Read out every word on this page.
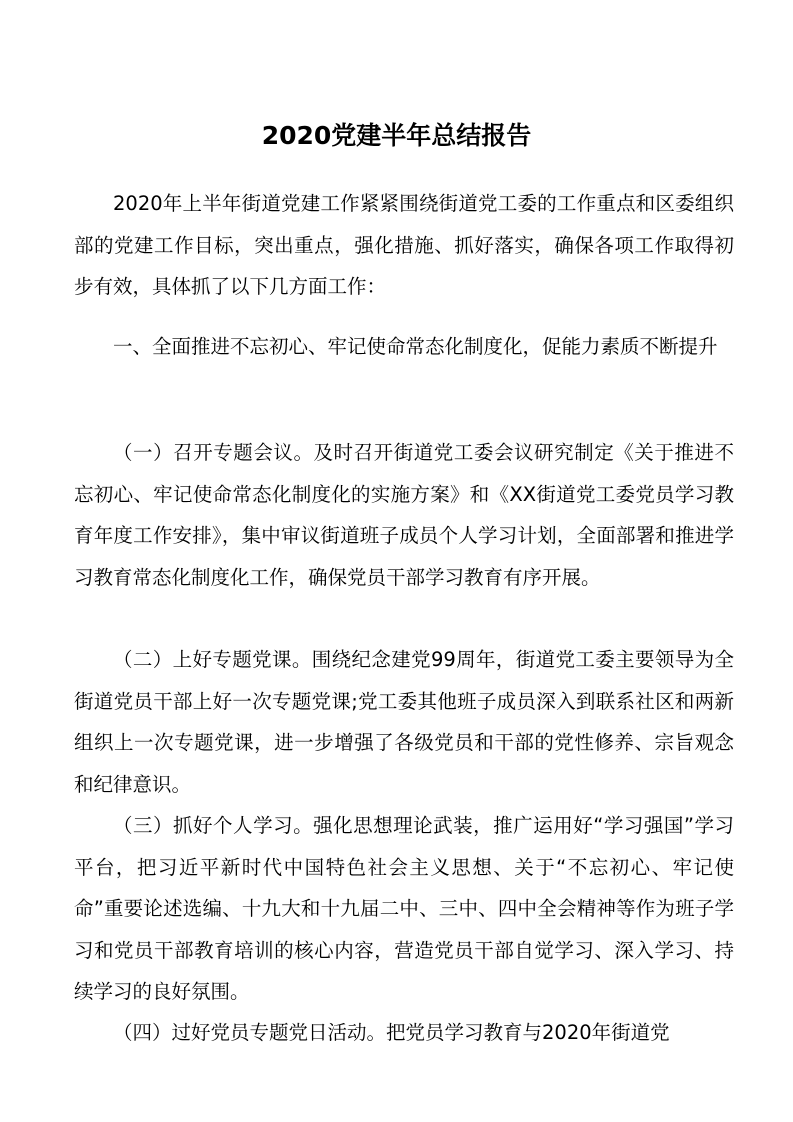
2020党建半年总结报告

2020年上半年街道党建工作紧紧围绕街道党工委的工作重点和区委组织部的党建工作目标，突出重点，强化措施、抓好落实，确保各项工作取得初步有效，具体抓了以下几方面工作：

一、全面推进不忘初心、牢记使命常态化制度化，促能力素质不断提升

（一）召开专题会议。及时召开街道党工委会议研究制定《关于推进不忘初心、牢记使命常态化制度化的实施方案》和《XX街道党工委党员学习教育年度工作安排》，集中审议街道班子成员个人学习计划，全面部署和推进学习教育常态化制度化工作，确保党员干部学习教育有序开展。

（二）上好专题党课。围绕纪念建党99周年，街道党工委主要领导为全街道党员干部上好一次专题党课;党工委其他班子成员深入到联系社区和两新组织上一次专题党课，进一步增强了各级党员和干部的党性修养、宗旨观念和纪律意识。

（三）抓好个人学习。强化思想理论武装，推广运用好“学习强国”学习平台，把习近平新时代中国特色社会主义思想、关于“不忘初心、牢记使命”重要论述选编、十九大和十九届二中、三中、四中全会精神等作为班子学习和党员干部教育培训的核心内容，营造党员干部自觉学习、深入学习、持续学习的良好氛围。

（四）过好党员专题党日活动。把党员学习教育与2020年街道党
